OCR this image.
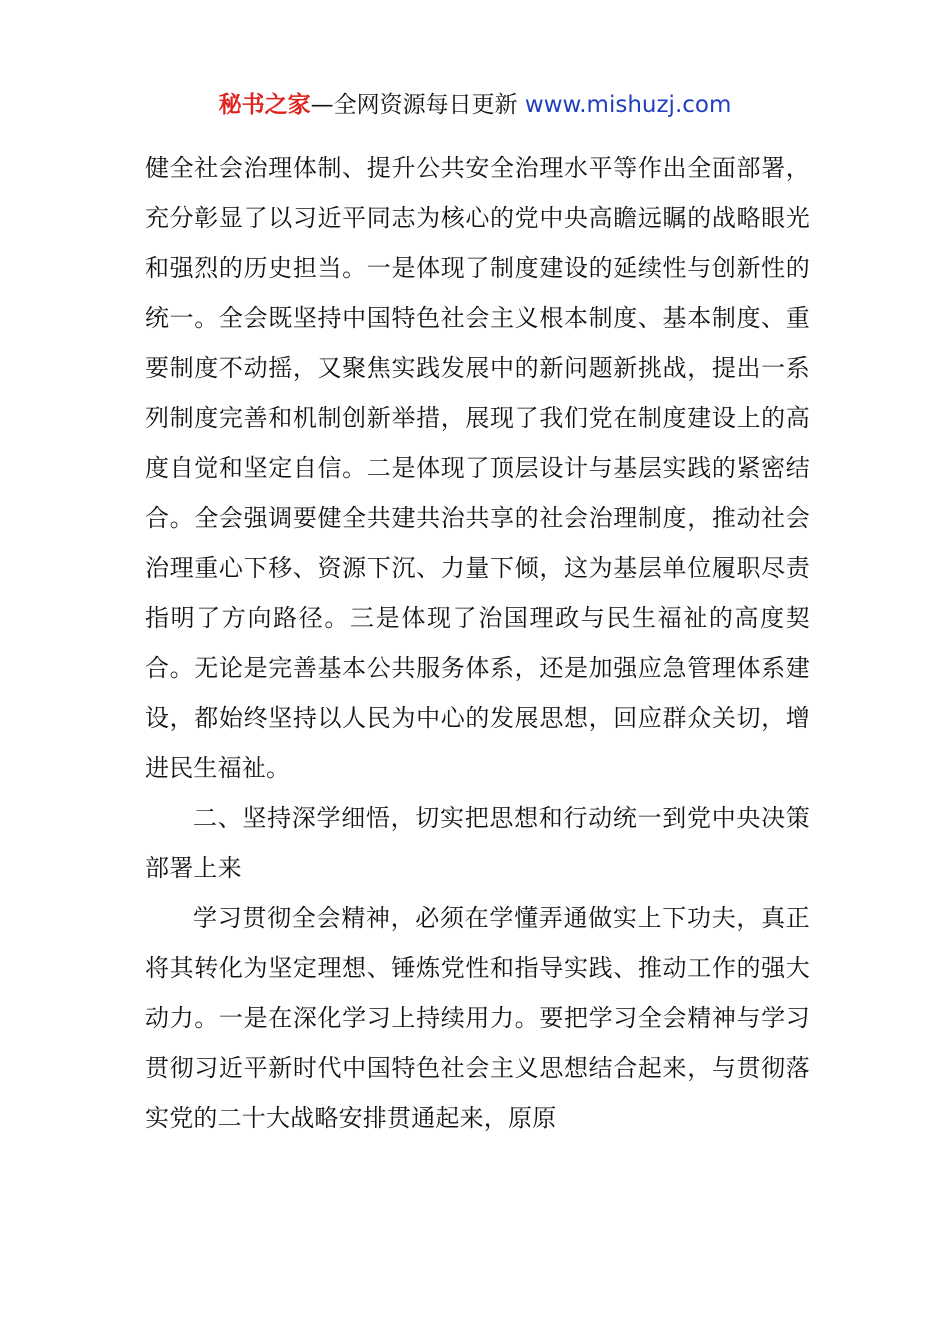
秘书之家—全网资源每日更新 www.mishuzj.com

健全社会治理体制、提升公共安全治理水平等作出全面部署，充分彰显了以习近平同志为核心的党中央高瞻远瞩的战略眼光和强烈的历史担当。一是体现了制度建设的延续性与创新性的统一。全会既坚持中国特色社会主义根本制度、基本制度、重要制度不动摇，又聚焦实践发展中的新问题新挑战，提出一系列制度完善和机制创新举措，展现了我们党在制度建设上的高度自觉和坚定自信。二是体现了顶层设计与基层实践的紧密结合。全会强调要健全共建共治共享的社会治理制度，推动社会治理重心下移、资源下沉、力量下倾，这为基层单位履职尽责指明了方向路径。三是体现了治国理政与民生福祉的高度契合。无论是完善基本公共服务体系，还是加强应急管理体系建设，都始终坚持以人民为中心的发展思想，回应群众关切，增进民生福祉。

二、坚持深学细悟，切实把思想和行动统一到党中央决策部署上来

学习贯彻全会精神，必须在学懂弄通做实上下功夫，真正将其转化为坚定理想、锤炼党性和指导实践、推动工作的强大动力。一是在深化学习上持续用力。要把学习全会精神与学习贯彻习近平新时代中国特色社会主义思想结合起来，与贯彻落实党的二十大战略安排贯通起来，原原
